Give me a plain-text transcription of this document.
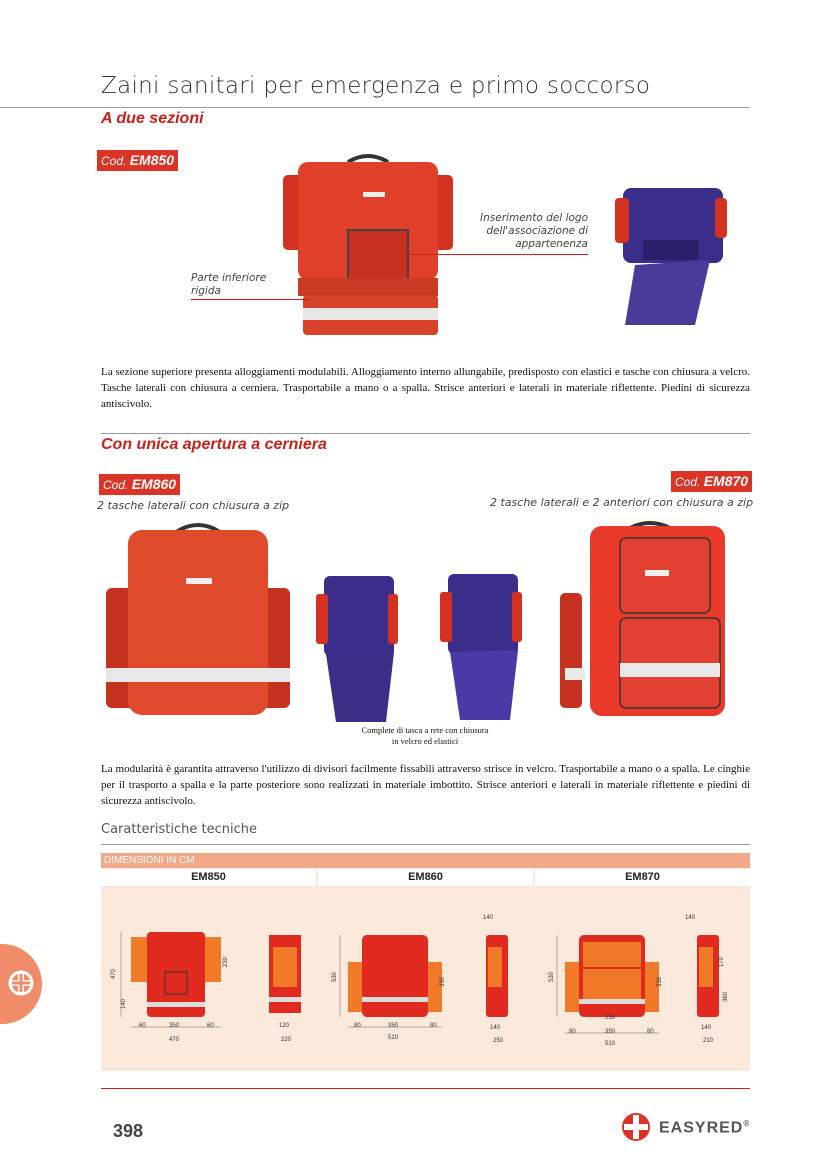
Zaini sanitari per emergenza e primo soccorso
A due sezioni
Cod. EM850
Inserimento del logo dell'associazione di appartenenza
Parte inferiore rigida
La sezione superiore presenta alloggiamenti modulabili. Alloggiamento interno allungabile, predisposto con elastici e tasche con chiusura a velcro. Tasche laterali con chiusura a cerniera. Trasportabile a mano o a spalla. Strisce anteriori e laterali in materiale riflettente. Piedini di sicurezza antiscivolo.
Con unica apertura a cerniera
Cod. EM860
2 tasche laterali con chiusura a zip
Cod. EM870
2 tasche laterali e 2 anteriori con chiusura a zip
Complete di tasca a rete con chiusura
in velcro ed elastici
La modularità è garantita attraverso l'utilizzo di divisori facilmente fissabili attraverso strisce in velcro. Trasportabile a mano o a spalla. Le cinghie per il trasporto a spalla e la parte posteriore sono realizzati in materiale imbottito. Strisce anteriori e laterali in materiale riflettente e piedini di sicurezza antiscivolo.
Caratteristiche tecniche
DIMENSIONI IN CM
EM850	EM860	EM870
470
140
230
60	350	60
470
120
220
530	330
140
80	350	80
510
140
250
530	330
170
360
140
250
80	350	80
510
140
210
398	EASYRED®
